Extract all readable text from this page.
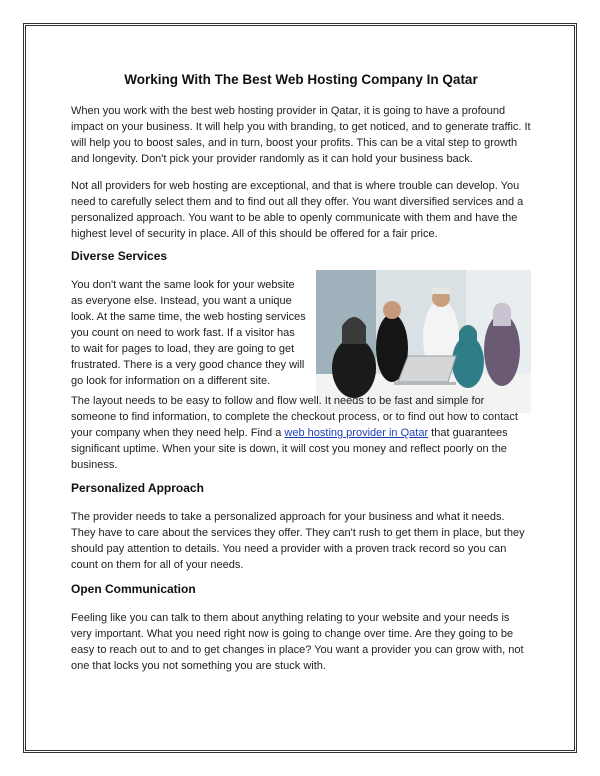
Working With The Best Web Hosting Company In Qatar

When you work with the best web hosting provider in Qatar, it is going to have a profound impact on your business. It will help you with branding, to get noticed, and to generate traffic. It will help you to boost sales, and in turn, boost your profits. This can be a vital step to growth and longevity. Don't pick your provider randomly as it can hold your business back.

Not all providers for web hosting are exceptional, and that is where trouble can develop. You need to carefully select them and to find out all they offer. You want diversified services and a personalized approach. You want to be able to openly communicate with them and have the highest level of security in place. All of this should be offered for a fair price.

Diverse Services

You don't want the same look for your website as everyone else. Instead, you want a unique look. At the same time, the web hosting services you count on need to work fast. If a visitor has to wait for pages to load, they are going to get frustrated. There is a very good chance they will go look for information on a different site.

The layout needs to be easy to follow and flow well. It needs to be fast and simple for someone to find information, to complete the checkout process, or to find out how to contact your company when they need help. Find a web hosting provider in Qatar that guarantees significant uptime. When your site is down, it will cost you money and reflect poorly on the business.

Personalized Approach

The provider needs to take a personalized approach for your business and what it needs. They have to care about the services they offer. They can't rush to get them in place, but they should pay attention to details. You need a provider with a proven track record so you can count on them for all of your needs.

Open Communication

Feeling like you can talk to them about anything relating to your website and your needs is very important. What you need right now is going to change over time. Are they going to be easy to reach out to and to get changes in place? You want a provider you can grow with, not one that locks you not something you are stuck with.
